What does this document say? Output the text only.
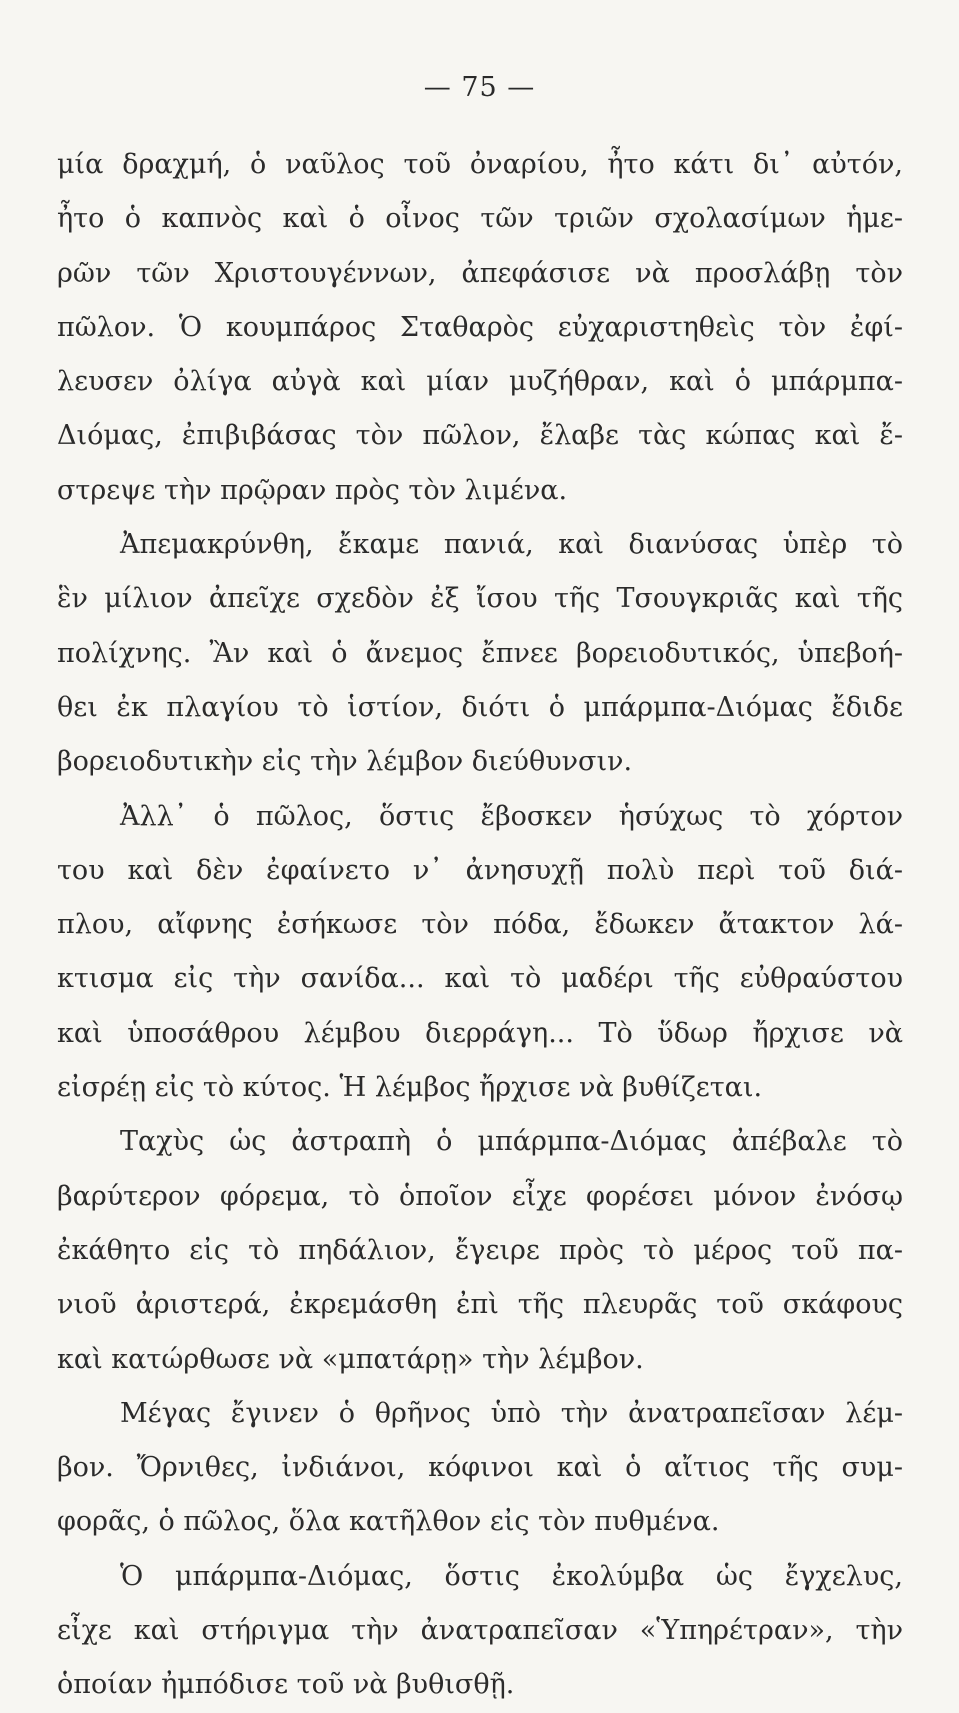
— 75 —
μία δραχμή, ὁ ναῦλος τοῦ ὀναρίου, ἦτο κάτι δι᾽ αὐτόν,
ἦτο ὁ καπνὸς καὶ ὁ οἶνος τῶν τριῶν σχολασίμων ἡμε-
ρῶν τῶν Χριστουγέννων, ἀπεφάσισε νὰ προσλάβῃ τὸν
πῶλον. Ὁ κουμπάρος Σταθαρὸς εὐχαριστηθεὶς τὸν ἐφί-
λευσεν ὀλίγα αὐγὰ καὶ μίαν μυζήθραν, καὶ ὁ μπάρμπα-
Διόμας, ἐπιβιβάσας τὸν πῶλον, ἔλαβε τὰς κώπας καὶ ἔ-
στρεψε τὴν πρῷραν πρὸς τὸν λιμένα.
Ἀπεμακρύνθη, ἔκαμε πανιά, καὶ διανύσας ὑπὲρ τὸ
ἓν μίλιον ἀπεῖχε σχεδὸν ἐξ ἴσου τῆς Τσουγκριᾶς καὶ τῆς
πολίχνης. Ἂν καὶ ὁ ἄνεμος ἔπνεε βορειοδυτικός, ὑπεβοή-
θει ἐκ πλαγίου τὸ ἱστίον, διότι ὁ μπάρμπα-Διόμας ἔδιδε
βορειοδυτικὴν εἰς τὴν λέμβον διεύθυνσιν.
Ἀλλ᾽ ὁ πῶλος, ὅστις ἔβοσκεν ἡσύχως τὸ χόρτον
του καὶ δὲν ἐφαίνετο ν᾽ ἀνησυχῇ πολὺ περὶ τοῦ διά-
πλου, αἴφνης ἐσήκωσε τὸν πόδα, ἔδωκεν ἄτακτον λά-
κτισμα εἰς τὴν σανίδα... καὶ τὸ μαδέρι τῆς εὐθραύστου
καὶ ὑποσάθρου λέμβου διερράγη... Τὸ ὕδωρ ἤρχισε νὰ
εἰσρέῃ εἰς τὸ κύτος. Ἡ λέμβος ἤρχισε νὰ βυθίζεται.
Ταχὺς ὡς ἀστραπὴ ὁ μπάρμπα-Διόμας ἀπέβαλε τὸ
βαρύτερον φόρεμα, τὸ ὁποῖον εἶχε φορέσει μόνον ἐνόσῳ
ἐκάθητο εἰς τὸ πηδάλιον, ἔγειρε πρὸς τὸ μέρος τοῦ πα-
νιοῦ ἀριστερά, ἐκρεμάσθη ἐπὶ τῆς πλευρᾶς τοῦ σκάφους
καὶ κατώρθωσε νὰ «μπατάρῃ» τὴν λέμβον.
Μέγας ἔγινεν ὁ θρῆνος ὑπὸ τὴν ἀνατραπεῖσαν λέμ-
βον. Ὄρνιθες, ἰνδιάνοι, κόφινοι καὶ ὁ αἴτιος τῆς συμ-
φορᾶς, ὁ πῶλος, ὅλα κατῆλθον εἰς τὸν πυθμένα.
Ὁ μπάρμπα-Διόμας, ὅστις ἐκολύμβα ὡς ἔγχελυς,
εἶχε καὶ στήριγμα τὴν ἀνατραπεῖσαν «Ὑπηρέτραν», τὴν
ὁποίαν ἠμπόδισε τοῦ νὰ βυθισθῇ.
